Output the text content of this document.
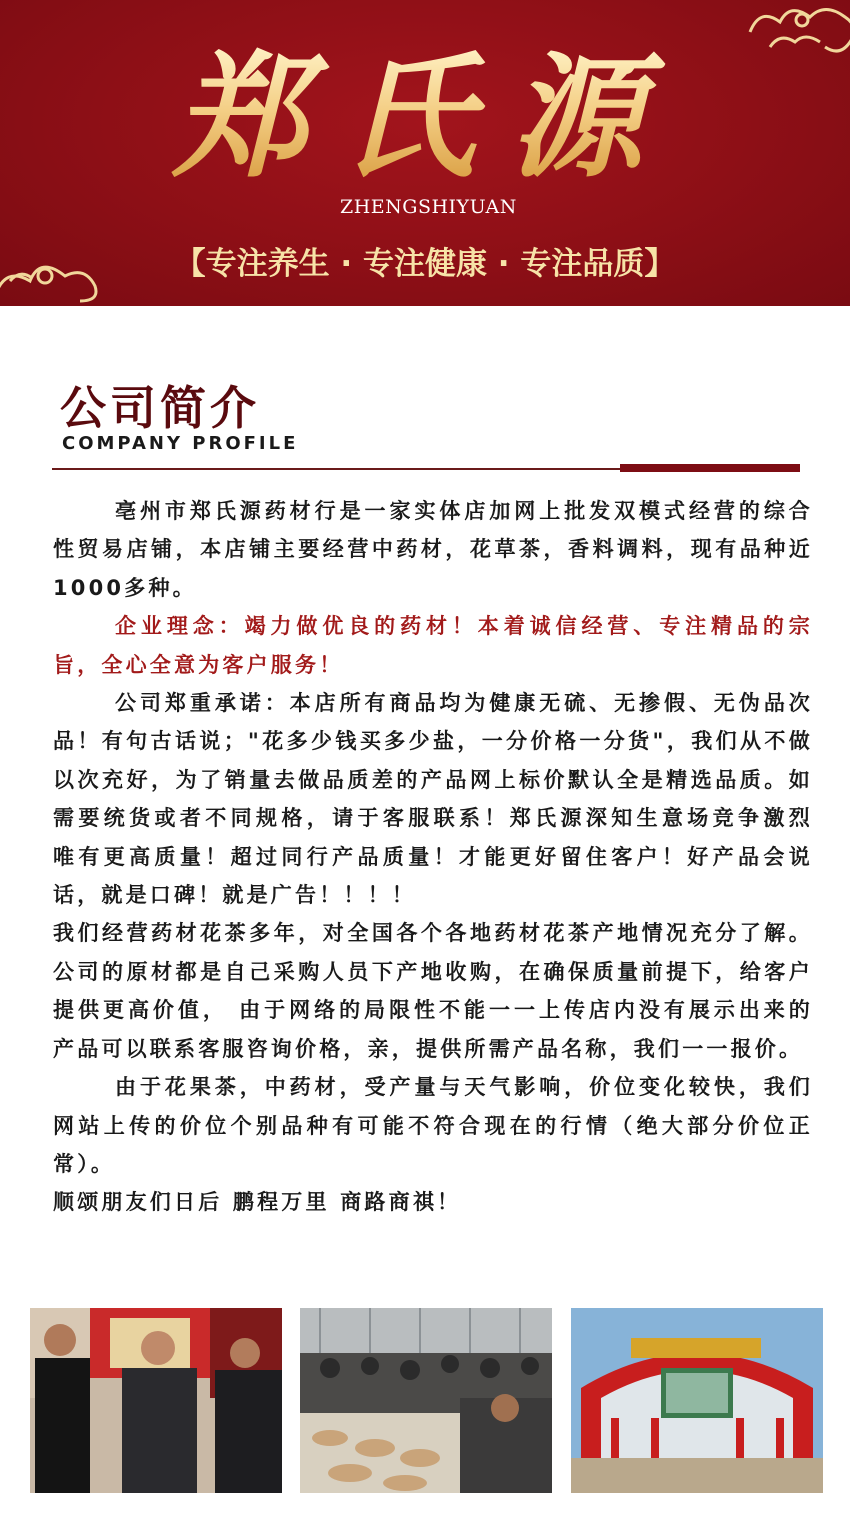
郑氏源
ZHENGSHIYUAN
【专注养生 · 专注健康 · 专注品质】
公司简介
COMPANY PROFILE

亳州市郑氏源药材行是一家实体店加网上批发双模式经营的综合性贸易店铺，本店铺主要经营中药材，花草茶，香料调料，现有品种近1000多种。

企业理念：竭力做优良的药材！本着诚信经营、专注精品的宗旨，全心全意为客户服务！

公司郑重承诺：本店所有商品均为健康无硫、无掺假、无伪品次品！有句古话说；"花多少钱买多少盐，一分价格一分货"，我们从不做以次充好，为了销量去做品质差的产品网上标价默认全是精选品质。如需要统货或者不同规格，请于客服联系！郑氏源深知生意场竞争激烈 唯有更高质量！超过同行产品质量！才能更好留住客户！好产品会说话，就是口碑！就是广告！！！！

我们经营药材花茶多年，对全国各个各地药材花茶产地情况充分了解。公司的原材都是自己采购人员下产地收购，在确保质量前提下，给客户提供更高价值， 由于网络的局限性不能一一上传店内没有展示出来的产品可以联系客服咨询价格，亲，提供所需产品名称，我们一一报价。

由于花果茶，中药材，受产量与天气影响，价位变化较快，我们网站上传的价位个别品种有可能不符合现在的行情（绝大部分价位正常）。

顺颂朋友们日后 鹏程万里 商路商祺！
